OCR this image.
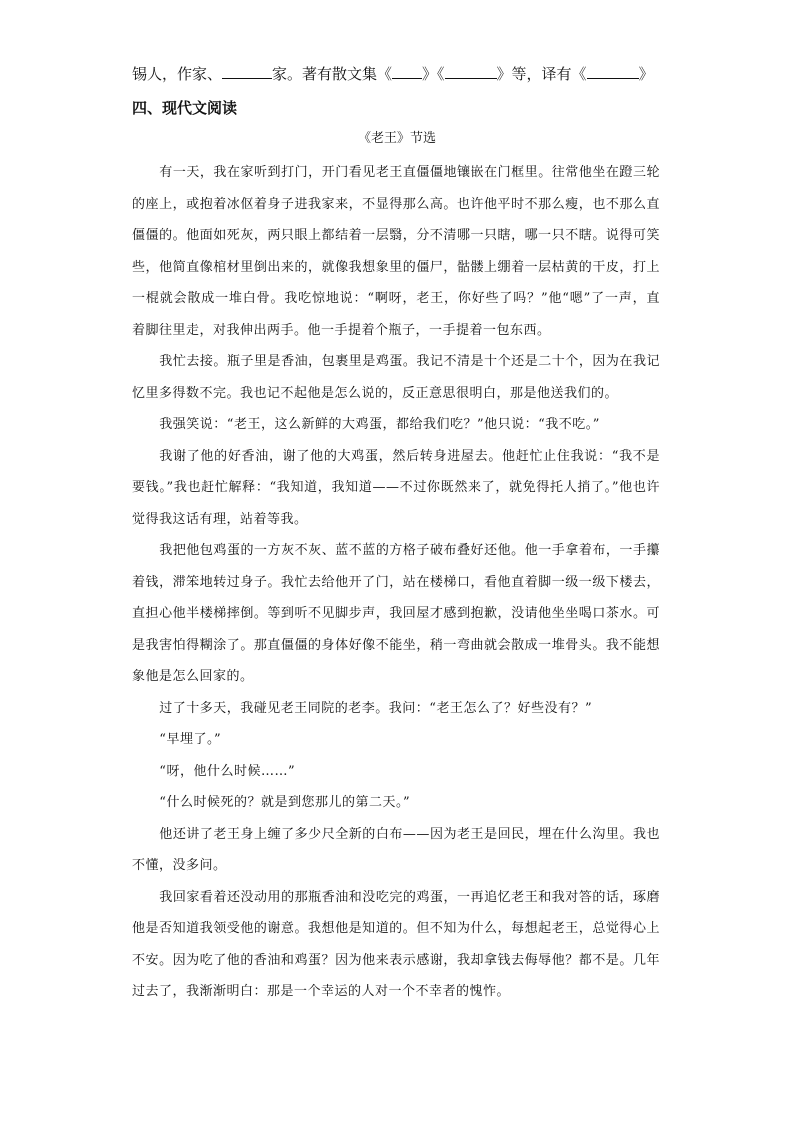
锡人，作家、	家。著有散文集《 》《	》等，译有《	》
四、现代文阅读
《老王》节选

有一天，我在家听到打门，开门看见老王直僵僵地镶嵌在门框里。往常他坐在蹬三轮的座上，或抱着冰伛着身子进我家来，不显得那么高。也许他平时不那么瘦，也不那么直僵僵的。他面如死灰，两只眼上都结着一层翳，分不清哪一只瞎，哪一只不瞎。说得可笑些，他简直像棺材里倒出来的，就像我想象里的僵尸，骷髅上绷着一层枯黄的干皮，打上一棍就会散成一堆白骨。我吃惊地说：“啊呀，老王，你好些了吗？”他“嗯”了一声，直着脚往里走，对我伸出两手。他一手提着个瓶子，一手提着一包东西。

我忙去接。瓶子里是香油，包裹里是鸡蛋。我记不清是十个还是二十个，因为在我记忆里多得数不完。我也记不起他是怎么说的，反正意思很明白，那是他送我们的。

我强笑说：“老王，这么新鲜的大鸡蛋，都给我们吃？”他只说：“我不吃。”

我谢了他的好香油，谢了他的大鸡蛋，然后转身进屋去。他赶忙止住我说：“我不是要钱。”我也赶忙解释：“我知道，我知道——不过你既然来了，就免得托人捎了。”他也许觉得我这话有理，站着等我。

我把他包鸡蛋的一方灰不灰、蓝不蓝的方格子破布叠好还他。他一手拿着布，一手攥着钱，滞笨地转过身子。我忙去给他开了门，站在楼梯口，看他直着脚一级一级下楼去，直担心他半楼梯摔倒。等到听不见脚步声，我回屋才感到抱歉，没请他坐坐喝口茶水。可是我害怕得糊涂了。那直僵僵的身体好像不能坐，稍一弯曲就会散成一堆骨头。我不能想象他是怎么回家的。

过了十多天，我碰见老王同院的老李。我问：“老王怎么了？好些没有？”

“早埋了。”

“呀，他什么时候……”

“什么时候死的？就是到您那儿的第二天。”

他还讲了老王身上缠了多少尺全新的白布——因为老王是回民，埋在什么沟里。我也不懂，没多问。

我回家看着还没动用的那瓶香油和没吃完的鸡蛋，一再追忆老王和我对答的话，琢磨他是否知道我领受他的谢意。我想他是知道的。但不知为什么，每想起老王，总觉得心上不安。因为吃了他的香油和鸡蛋？因为他来表示感谢，我却拿钱去侮辱他？都不是。几年过去了，我渐渐明白：那是一个幸运的人对一个不幸者的愧怍。
